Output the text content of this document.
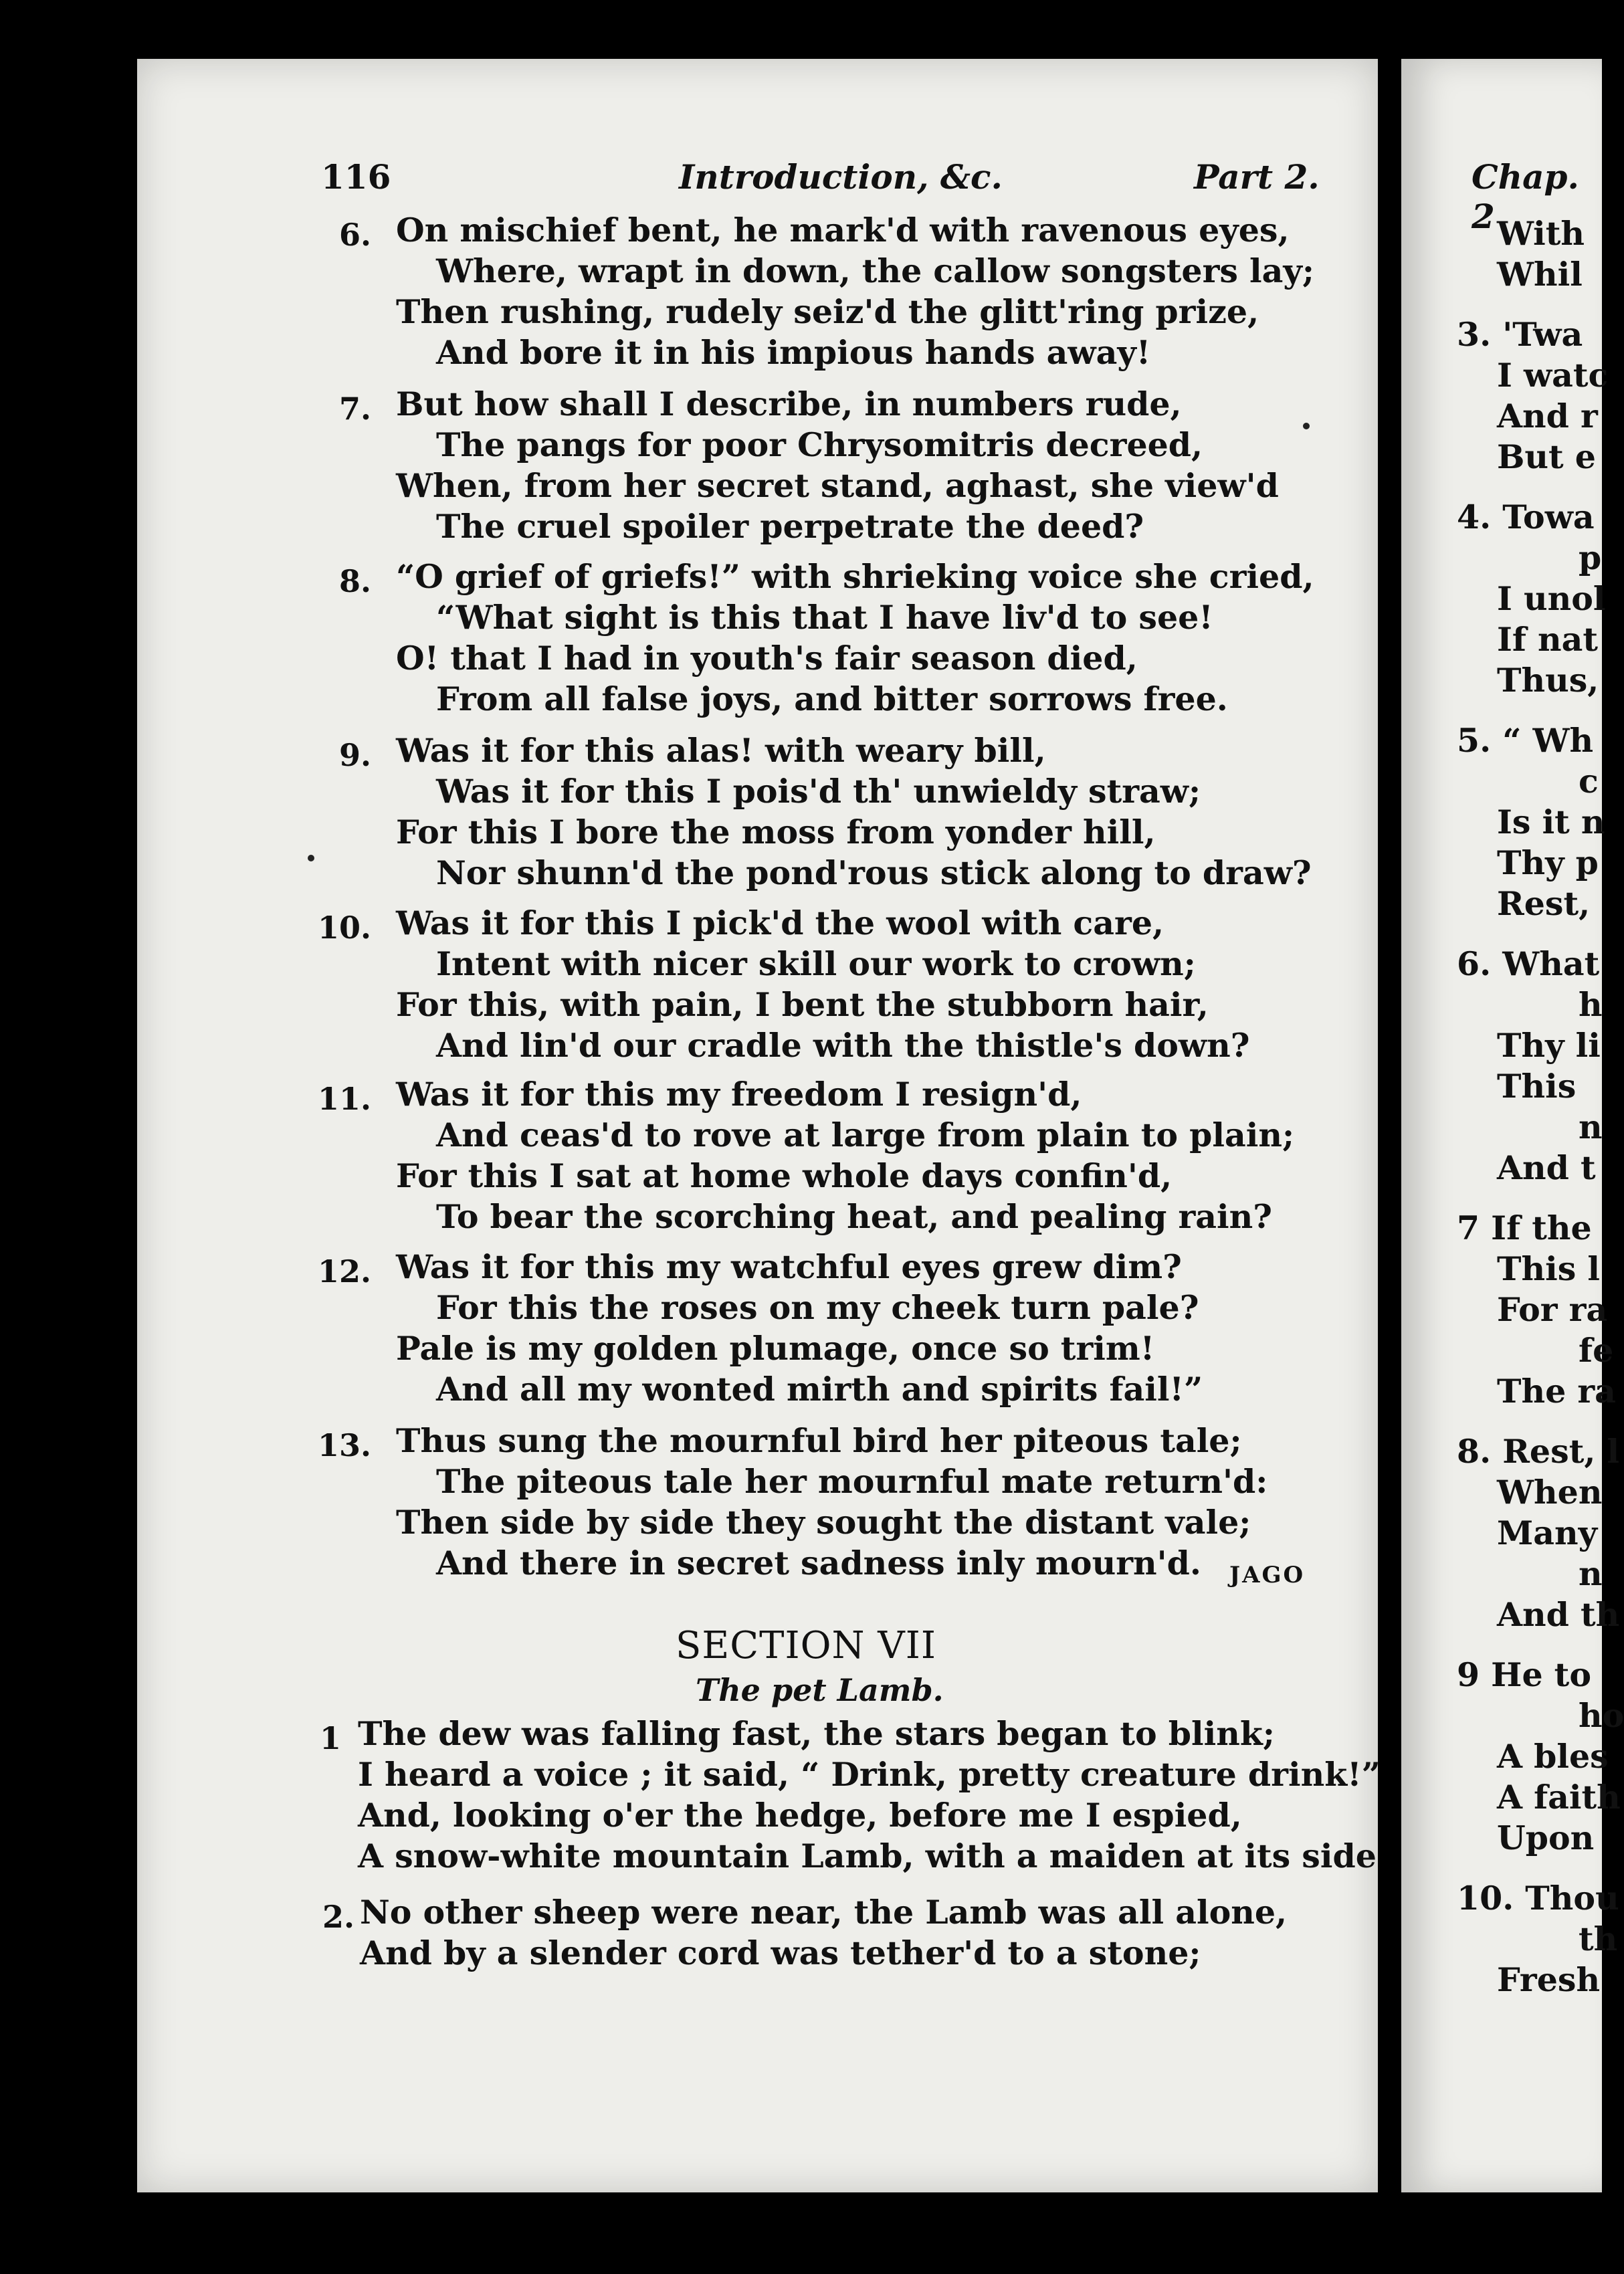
116	Introduction, &c.	Part 2.
6. On mischief bent, he mark'd with ravenous eyes,
Where, wrapt in down, the callow songsters lay;
Then rushing, rudely seiz'd the glitt'ring prize,
And bore it in his impious hands away!
7. But how shall I describe, in numbers rude,
The pangs for poor Chrysomitris decreed,
When, from her secret stand, aghast, she view'd
The cruel spoiler perpetrate the deed?
8. “O grief of griefs!” with shrieking voice she cried,
“What sight is this that I have liv'd to see!
O! that I had in youth's fair season died,
From all false joys, and bitter sorrows free.
9. Was it for this alas! with weary bill,
Was it for this I pois'd th' unwieldy straw;
For this I bore the moss from yonder hill,
Nor shunn'd the pond'rous stick along to draw?
10. Was it for this I pick'd the wool with care,
Intent with nicer skill our work to crown;
For this, with pain, I bent the stubborn hair,
And lin'd our cradle with the thistle's down?
11. Was it for this my freedom I resign'd,
And ceas'd to rove at large from plain to plain;
For this I sat at home whole days confin'd,
To bear the scorching heat, and pealing rain?
12. Was it for this my watchful eyes grew dim?
For this the roses on my cheek turn pale?
Pale is my golden plumage, once so trim!
And all my wonted mirth and spirits fail!”
13. Thus sung the mournful bird her piteous tale;
The piteous tale her mournful mate return'd:
Then side by side they sought the distant vale;
And there in secret sadness inly mourn'd. JAGO
SECTION VII
The pet Lamb.
1 The dew was falling fast, the stars began to blink;
I heard a voice ; it said, “ Drink, pretty creature drink!”
And, looking o'er the hedge, before me I espied,
A snow-white mountain Lamb, with a maiden at its side
2. No other sheep were near, the Lamb was all alone,
And by a slender cord was tether'd to a stone;
Chap. 2 With
Whil
3. 'Twa
I watc
And r
But e
4. Towa
p
I unol
If nat
Thus,
5. “ Wh
c
Is it n
Thy p
Rest,
6. What
h
Thy li
This
n
And t
7 If the
This l
For ra
fe
The ra
8. Rest, l
When
Many
n
And th
9 He to
ho
A bles
A faith
Upon
10. Thou
th
Fresh
